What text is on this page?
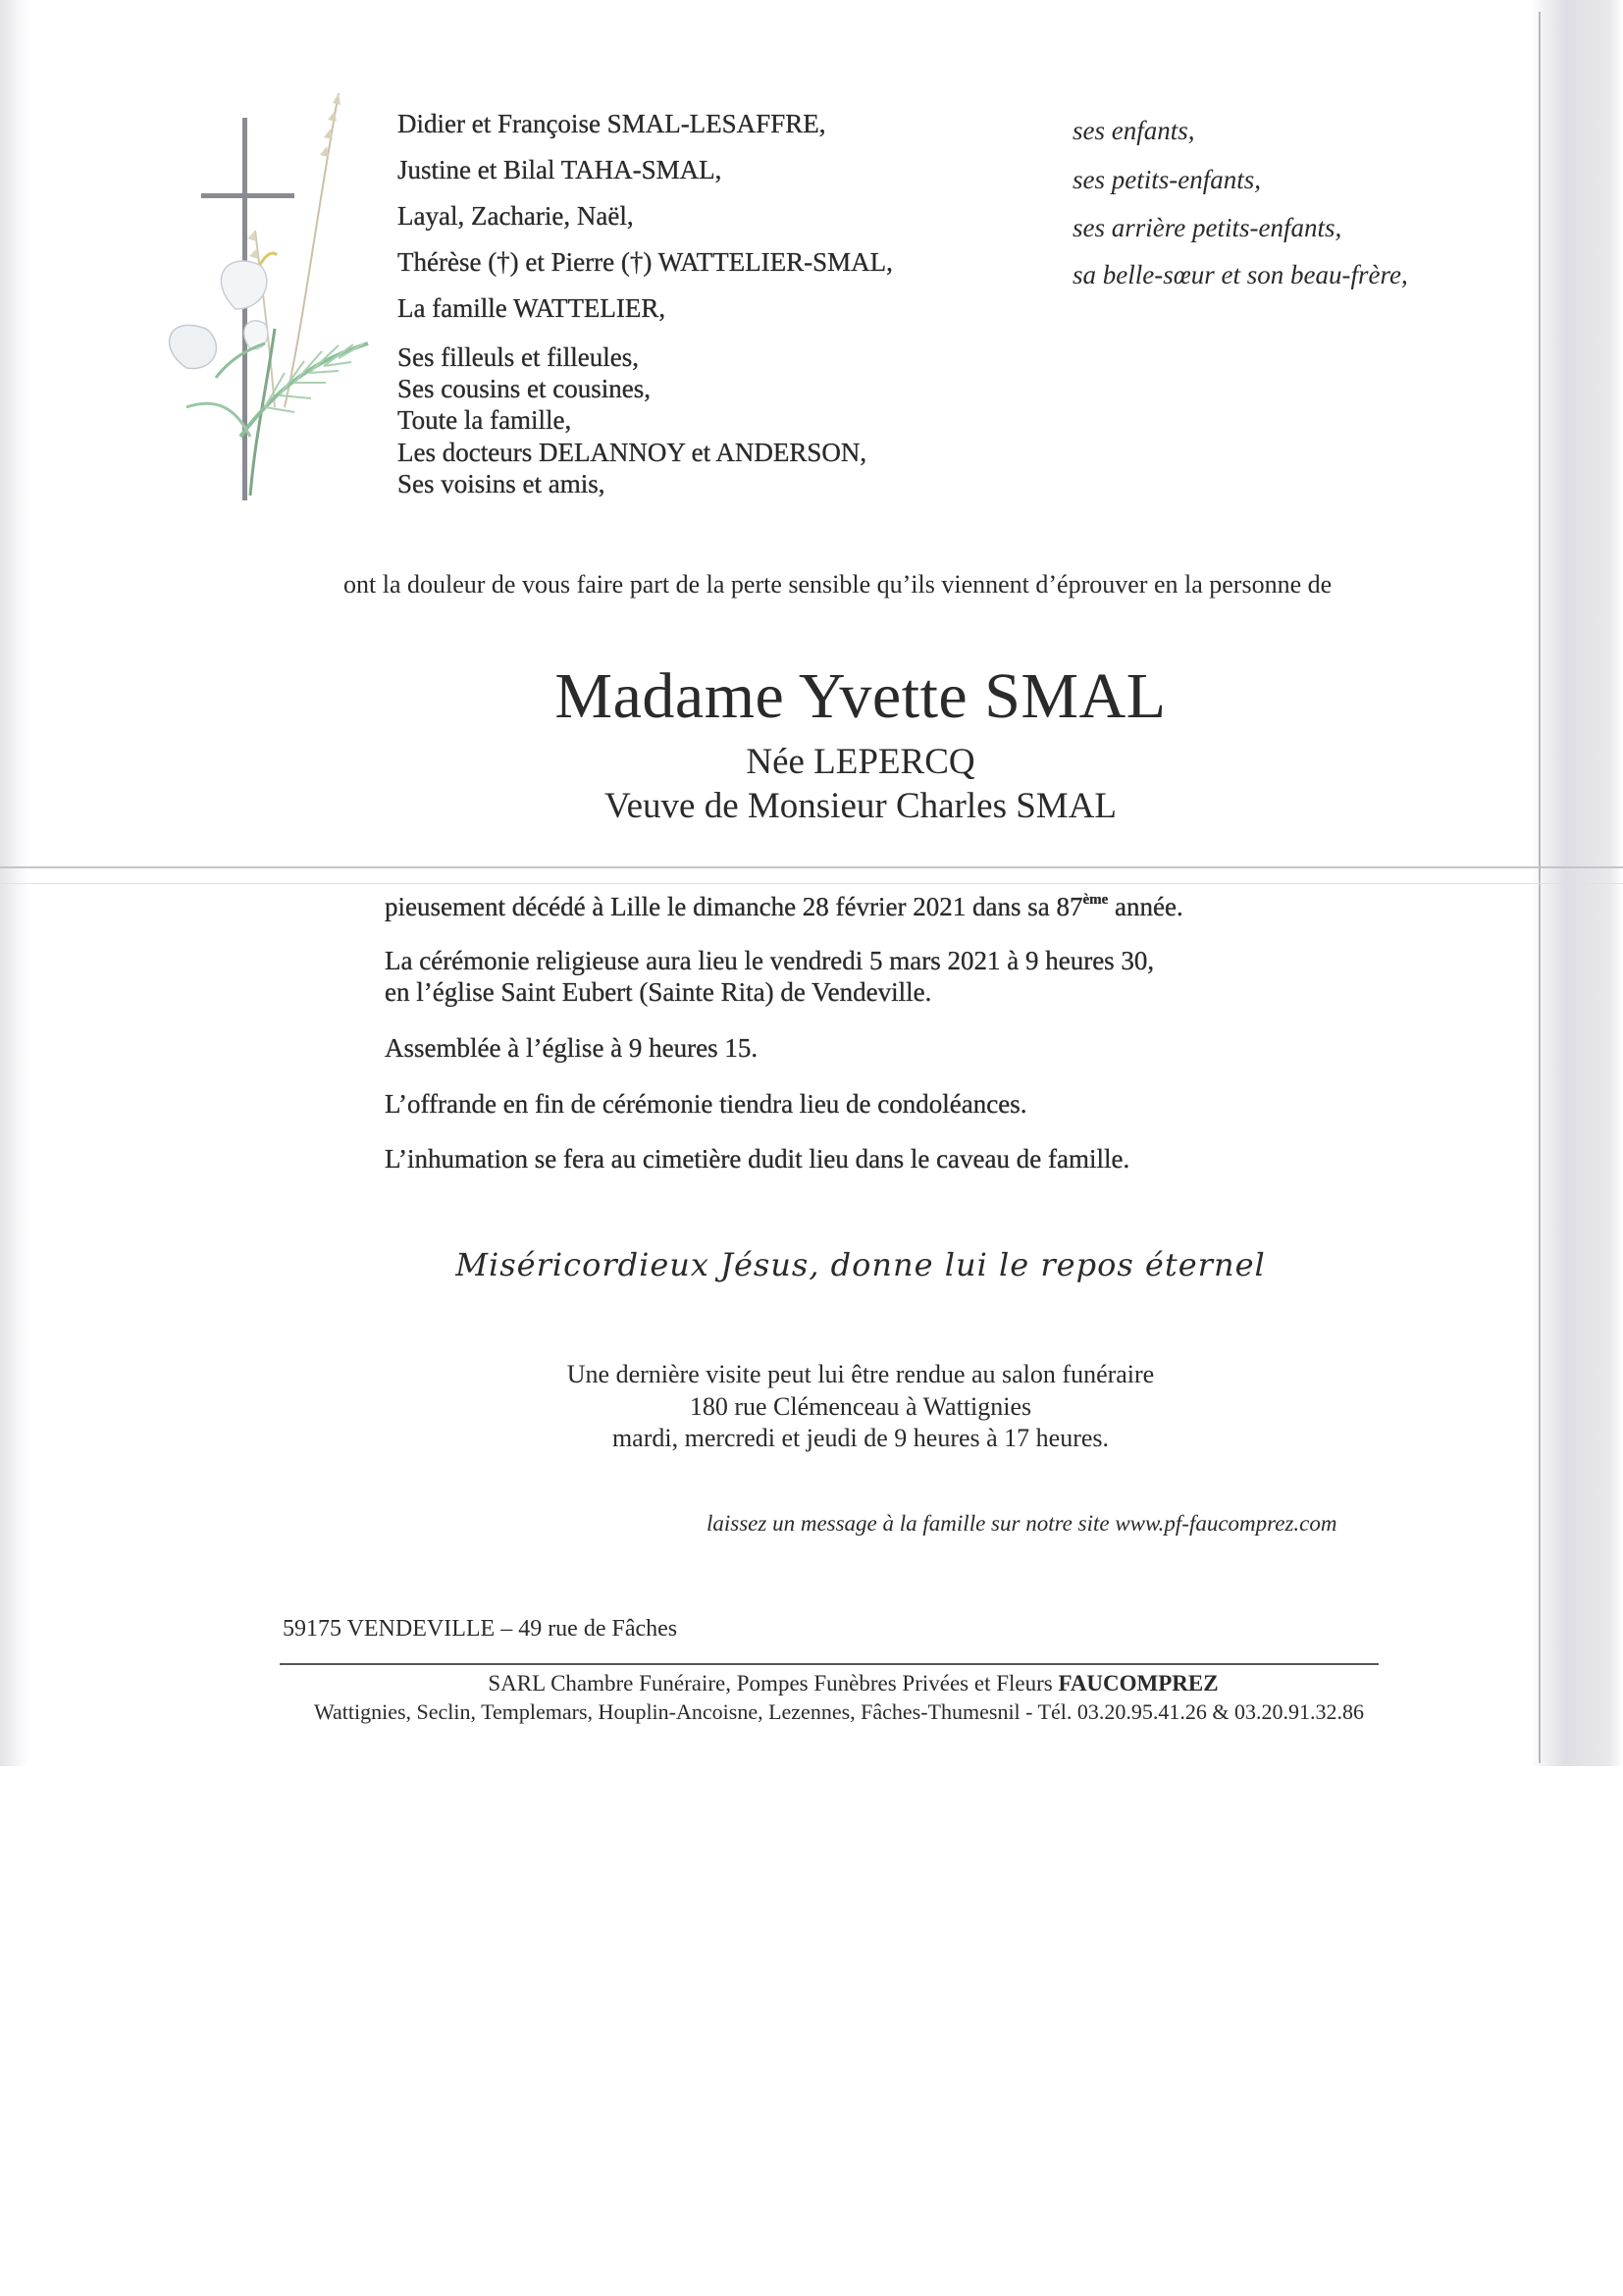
Didier et Françoise SMAL-LESAFFRE,
Justine et Bilal TAHA-SMAL,
Layal, Zacharie, Naël,
Thérèse (†) et Pierre (†) WATTELIER-SMAL,
La famille WATTELIER,
ses enfants,
ses petits-enfants,
ses arrière petits-enfants,
sa belle-sœur et son beau-frère,
Ses filleuls et filleules,
Ses cousins et cousines,
Toute la famille,
Les docteurs DELANNOY et ANDERSON,
Ses voisins et amis,
ont la douleur de vous faire part de la perte sensible qu’ils viennent d’éprouver en la personne de
Madame Yvette SMAL
Née LEPERCQ
Veuve de Monsieur Charles SMAL
pieusement décédé à Lille le dimanche 28 février 2021 dans sa 87ème année.
La cérémonie religieuse aura lieu le vendredi 5 mars 2021 à 9 heures 30,
en l’église Saint Eubert (Sainte Rita) de Vendeville.
Assemblée à l’église à 9 heures 15.
L’offrande en fin de cérémonie tiendra lieu de condoléances.
L’inhumation se fera au cimetière dudit lieu dans le caveau de famille.
Miséricordieux Jésus, donne lui le repos éternel
Une dernière visite peut lui être rendue au salon funéraire
180 rue Clémenceau à Wattignies
mardi, mercredi et jeudi de 9 heures à 17 heures.
laissez un message à la famille sur notre site www.pf-faucomprez.com
59175 VENDEVILLE – 49 rue de Fâches
SARL Chambre Funéraire, Pompes Funèbres Privées et Fleurs FAUCOMPREZ
Wattignies, Seclin, Templemars, Houplin-Ancoisne, Lezennes, Fâches-Thumesnil - Tél. 03.20.95.41.26 & 03.20.91.32.86
